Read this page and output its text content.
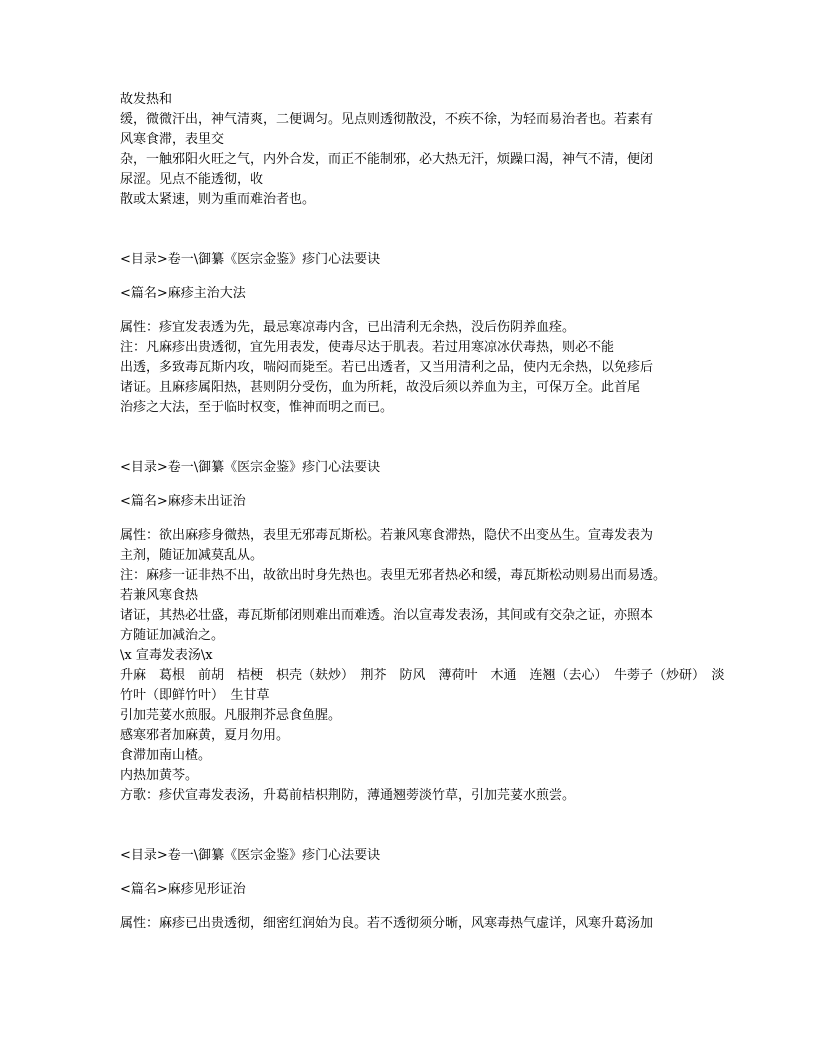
故发热和
缓，微微汗出，神气清爽，二便调匀。见点则透彻散没，不疾不徐，为轻而易治者也。若素有
风寒食滞，表里交
杂，一触邪阳火旺之气，内外合发，而正不能制邪，必大热无汗，烦躁口渴，神气不清，便闭
尿涩。见点不能透彻，收
散或太紧速，则为重而难治者也。
<目录>卷一\御纂《医宗金鉴》疹门心法要诀
<篇名>麻疹主治大法
属性：疹宜发表透为先，最忌寒凉毒内含，已出清利无余热，没后伤阴养血痊。
注：凡麻疹出贵透彻，宜先用表发，使毒尽达于肌表。若过用寒凉冰伏毒热，则必不能
出透，多致毒瓦斯内攻，喘闷而毙至。若已出透者，又当用清利之品，使内无余热，以免疹后
诸证。且麻疹属阳热，甚则阴分受伤，血为所耗，故没后须以养血为主，可保万全。此首尾
治疹之大法，至于临时权变，惟神而明之而已。
<目录>卷一\御纂《医宗金鉴》疹门心法要诀
<篇名>麻疹未出证治
属性：欲出麻疹身微热，表里无邪毒瓦斯松。若兼风寒食滞热，隐伏不出变丛生。宣毒发表为
主剂，随证加减莫乱从。
注：麻疹一证非热不出，故欲出时身先热也。表里无邪者热必和缓，毒瓦斯松动则易出而易透。
若兼风寒食热
诸证，其热必壮盛，毒瓦斯郁闭则难出而难透。治以宣毒发表汤，其间或有交杂之证，亦照本
方随证加减治之。
\x 宣毒发表汤\x
升麻　葛根　前胡　桔梗　枳壳（麸炒）　荆芥　防风　薄荷叶　木通　连翘（去心）　牛蒡子（炒研）　淡
竹叶（即鲜竹叶）　生甘草
引加芫荽水煎服。凡服荆芥忌食鱼腥。
感寒邪者加麻黄，夏月勿用。
食滞加南山楂。
内热加黄芩。
方歌：疹伏宣毒发表汤，升葛前桔枳荆防，薄通翘蒡淡竹草，引加芫荽水煎尝。
<目录>卷一\御纂《医宗金鉴》疹门心法要诀
<篇名>麻疹见形证治
属性：麻疹已出贵透彻，细密红润始为良。若不透彻须分晰，风寒毒热气虚详，风寒升葛汤加
